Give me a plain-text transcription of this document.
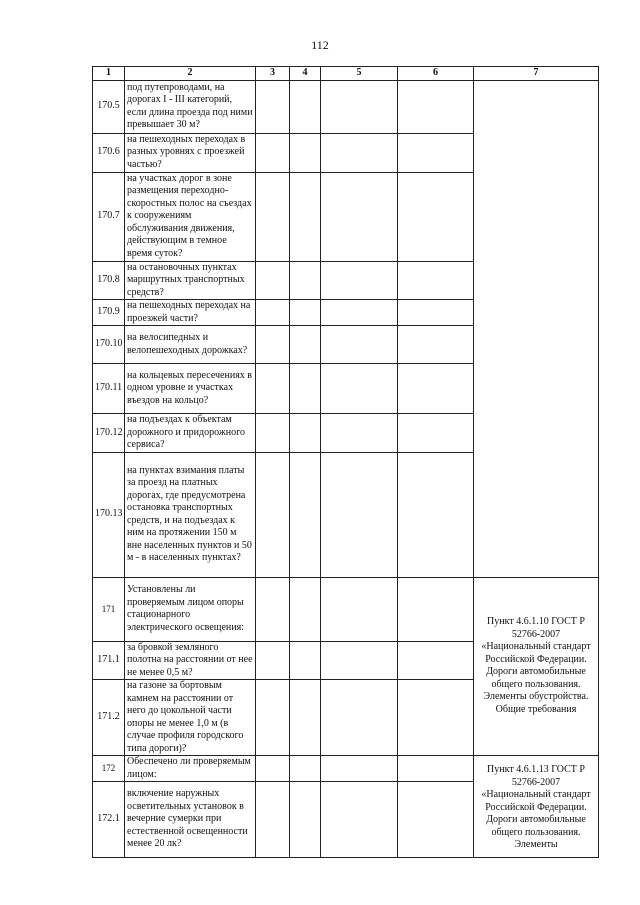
112
1	2	3	4	5	6	7
170.5	под путепроводами, на дорогах I - III категорий, если длина проезда под ними превышает 30 м?					
170.6	на пешеходных переходах в разных уровнях с проезжей частью?					
170.7	на участках дорог в зоне размещения переходно-скоростных полос на съездах к сооружениям обслуживания движения, действующим в темное время суток?					
170.8	на остановочных пунктах маршрутных транспортных средств?					
170.9	на пешеходных переходах на проезжей части?					
170.10	на велосипедных и велопешеходных дорожках?					
170.11	на кольцевых пересечениях в одном уровне и участках въездов на кольцо?					
170.12	на подъездах к объектам дорожного и придорожного сервиса?					
170.13	на пунктах взимания платы за проезд на платных дорогах, где предусмотрена остановка транспортных средств, и на подъездах к ним на протяжении 150 м вне населенных пунктов и 50 м - в населенных пунктах?					
171	Установлены ли проверяемым лицом опоры стационарного электрического освещения:					Пункт 4.6.1.10 ГОСТ Р 52766-2007 «Национальный стандарт Российской Федерации. Дороги автомобильные общего пользования. Элементы обустройства. Общие требования
171.1	за бровкой земляного полотна на расстоянии от нее не менее 0,5 м?					
171.2	на газоне за бортовым камнем на расстоянии от него до цокольной части опоры не менее 1,0 м (в случае профиля городского типа дороги)?					
172	Обеспечено ли проверяемым лицом:					Пункт 4.6.1.13 ГОСТ Р 52766-2007 «Национальный стандарт Российской Федерации. Дороги автомобильные общего пользования. Элементы
172.1	включение наружных осветительных установок в вечерние сумерки при естественной освещенности менее 20 лк?					
